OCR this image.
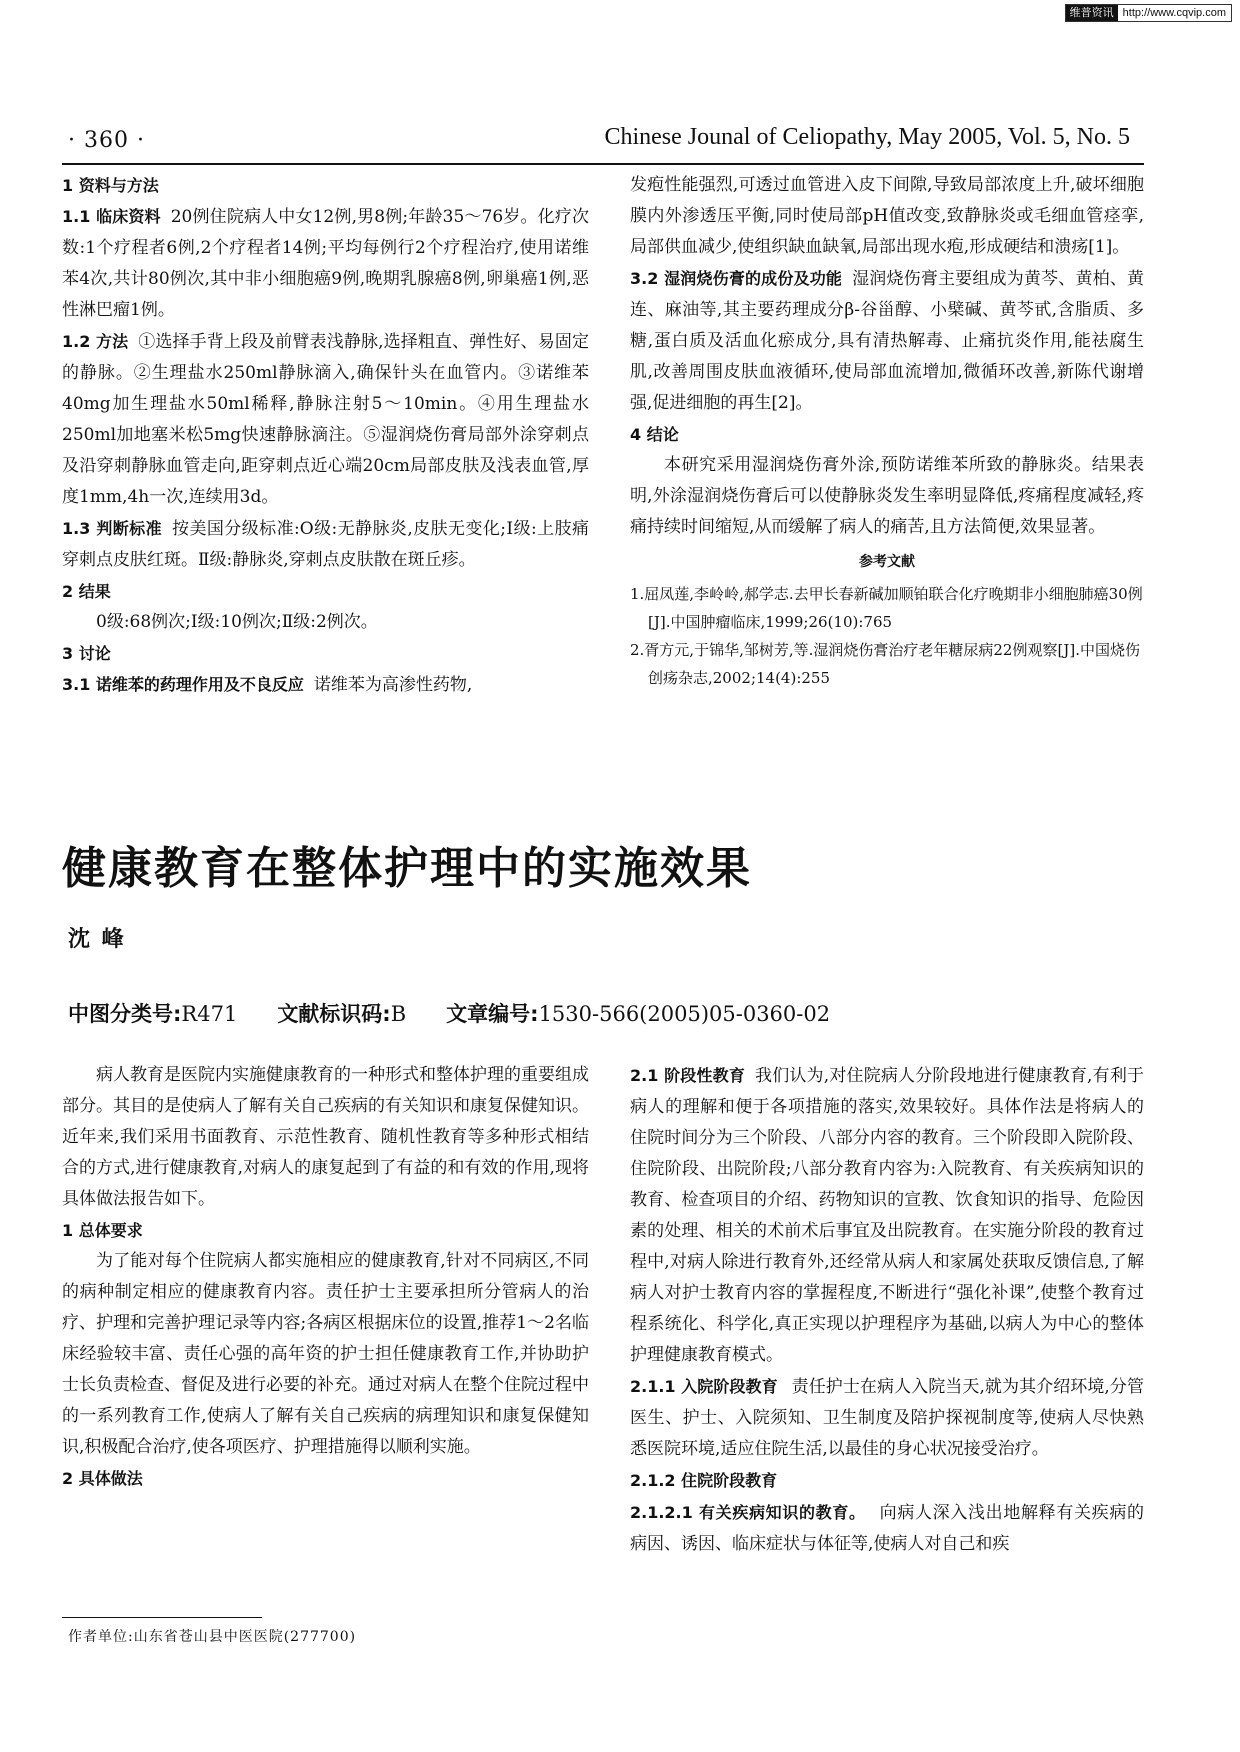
维普资讯 http://www.cqvip.com
· 360 ·	Chinese Jounal of Celiopathy, May 2005, Vol. 5, No. 5

1 资料与方法

1.1 临床资料 20例住院病人中女12例,男8例;年龄35～76岁。化疗次数:1个疗程者6例,2个疗程者14例;平均每例行2个疗程治疗,使用诺维苯4次,共计80例次,其中非小细胞癌9例,晚期乳腺癌8例,卵巢癌1例,恶性淋巴瘤1例。

1.2 方法 ①选择手背上段及前臂表浅静脉,选择粗直、弹性好、易固定的静脉。②生理盐水250ml静脉滴入,确保针头在血管内。③诺维苯40mg加生理盐水50ml稀释,静脉注射5～10min。④用生理盐水250ml加地塞米松5mg快速静脉滴注。⑤湿润烧伤膏局部外涂穿刺点及沿穿刺静脉血管走向,距穿刺点近心端20cm局部皮肤及浅表血管,厚度1mm,4h一次,连续用3d。

1.3 判断标准 按美国分级标准:O级:无静脉炎,皮肤无变化;Ⅰ级:上肢痛穿刺点皮肤红斑。Ⅱ级:静脉炎,穿刺点皮肤散在斑丘疹。

2 结果

0级:68例次;Ⅰ级:10例次;Ⅱ级:2例次。

3 讨论

3.1 诺维苯的药理作用及不良反应 诺维苯为高渗性药物,

发疱性能强烈,可透过血管进入皮下间隙,导致局部浓度上升,破坏细胞膜内外渗透压平衡,同时使局部pH值改变,致静脉炎或毛细血管痉挛,局部供血减少,使组织缺血缺氧,局部出现水疱,形成硬结和溃疡[1]。

3.2 湿润烧伤膏的成份及功能 湿润烧伤膏主要组成为黄芩、黄柏、黄连、麻油等,其主要药理成分β-谷甾醇、小檗碱、黄芩甙,含脂质、多糖,蛋白质及活血化瘀成分,具有清热解毒、止痛抗炎作用,能祛腐生肌,改善周围皮肤血液循环,使局部血流增加,微循环改善,新陈代谢增强,促进细胞的再生[2]。

4 结论

本研究采用湿润烧伤膏外涂,预防诺维苯所致的静脉炎。结果表明,外涂湿润烧伤膏后可以使静脉炎发生率明显降低,疼痛程度减轻,疼痛持续时间缩短,从而缓解了病人的痛苦,且方法简便,效果显著。

参考文献
1.屈凤莲,李岭岭,郝学志.去甲长春新碱加顺铂联合化疗晚期非小细胞肺癌30例[J].中国肿瘤临床,1999;26(10):765
2.胥方元,于锦华,邹树芳,等.湿润烧伤膏治疗老年糖尿病22例观察[J].中国烧伤创疡杂志,2002;14(4):255
健康教育在整体护理中的实施效果
沈 峰
中图分类号:R471 文献标识码:B 文章编号:1530-566(2005)05-0360-02

病人教育是医院内实施健康教育的一种形式和整体护理的重要组成部分。其目的是使病人了解有关自己疾病的有关知识和康复保健知识。近年来,我们采用书面教育、示范性教育、随机性教育等多种形式相结合的方式,进行健康教育,对病人的康复起到了有益的和有效的作用,现将具体做法报告如下。

1 总体要求

为了能对每个住院病人都实施相应的健康教育,针对不同病区,不同的病种制定相应的健康教育内容。责任护士主要承担所分管病人的治疗、护理和完善护理记录等内容;各病区根据床位的设置,推荐1～2名临床经验较丰富、责任心强的高年资的护士担任健康教育工作,并协助护士长负责检查、督促及进行必要的补充。通过对病人在整个住院过程中的一系列教育工作,使病人了解有关自己疾病的病理知识和康复保健知识,积极配合治疗,使各项医疗、护理措施得以顺利实施。

2 具体做法

2.1 阶段性教育 我们认为,对住院病人分阶段地进行健康教育,有利于病人的理解和便于各项措施的落实,效果较好。具体作法是将病人的住院时间分为三个阶段、八部分内容的教育。三个阶段即入院阶段、住院阶段、出院阶段;八部分教育内容为:入院教育、有关疾病知识的教育、检查项目的介绍、药物知识的宣教、饮食知识的指导、危险因素的处理、相关的术前术后事宜及出院教育。在实施分阶段的教育过程中,对病人除进行教育外,还经常从病人和家属处获取反馈信息,了解病人对护士教育内容的掌握程度,不断进行“强化补课”,使整个教育过程系统化、科学化,真正实现以护理程序为基础,以病人为中心的整体护理健康教育模式。

2.1.1 入院阶段教育 责任护士在病人入院当天,就为其介绍环境,分管医生、护士、入院须知、卫生制度及陪护探视制度等,使病人尽快熟悉医院环境,适应住院生活,以最佳的身心状况接受治疗。

2.1.2 住院阶段教育

2.1.2.1 有关疾病知识的教育。 向病人深入浅出地解释有关疾病的病因、诱因、临床症状与体征等,使病人对自己和疾

作者单位:山东省苍山县中医医院(277700)
